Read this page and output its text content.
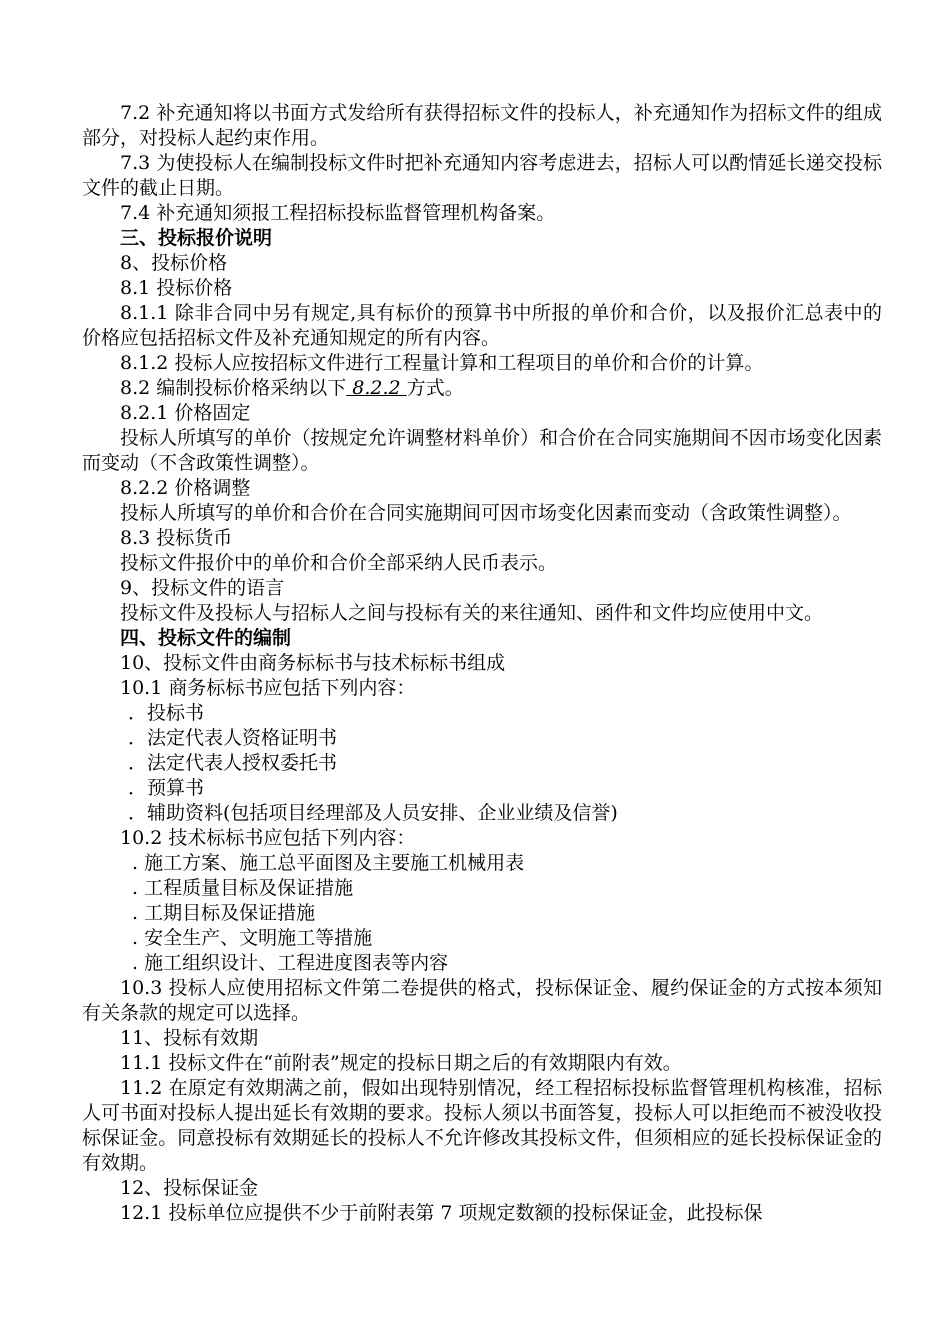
7.2 补充通知将以书面方式发给所有获得招标文件的投标人，补充通知作为招标文件的组成部分，对投标人起约束作用。

7.3 为使投标人在编制投标文件时把补充通知内容考虑进去，招标人可以酌情延长递交投标文件的截止日期。

7.4 补充通知须报工程招标投标监督管理机构备案。

三、投标报价说明

8、投标价格

8.1 投标价格

8.1.1 除非合同中另有规定,具有标价的预算书中所报的单价和合价，以及报价汇总表中的价格应包括招标文件及补充通知规定的所有内容。

8.1.2 投标人应按招标文件进行工程量计算和工程项目的单价和合价的计算。

8.2 编制投标价格采纳以下 8.2.2 方式。

8.2.1 价格固定

投标人所填写的单价（按规定允许调整材料单价）和合价在合同实施期间不因市场变化因素而变动（不含政策性调整）。

8.2.2 价格调整

投标人所填写的单价和合价在合同实施期间可因市场变化因素而变动（含政策性调整）。

8.3 投标货币

投标文件报价中的单价和合价全部采纳人民币表示。

9、投标文件的语言

投标文件及投标人与招标人之间与投标有关的来往通知、函件和文件均应使用中文。

四、投标文件的编制

10、投标文件由商务标标书与技术标标书组成

10.1 商务标标书应包括下列内容：

．投标书

．法定代表人资格证明书

．法定代表人授权委托书

．预算书

．辅助资料(包括项目经理部及人员安排、企业业绩及信誉)

10.2 技术标标书应包括下列内容：

. 施工方案、施工总平面图及主要施工机械用表

. 工程质量目标及保证措施

. 工期目标及保证措施

. 安全生产、文明施工等措施

. 施工组织设计、工程进度图表等内容

10.3 投标人应使用招标文件第二卷提供的格式，投标保证金、履约保证金的方式按本须知有关条款的规定可以选择。

11、投标有效期

11.1 投标文件在“前附表”规定的投标日期之后的有效期限内有效。

11.2 在原定有效期满之前，假如出现特别情况，经工程招标投标监督管理机构核准，招标人可书面对投标人提出延长有效期的要求。投标人须以书面答复，投标人可以拒绝而不被没收投标保证金。同意投标有效期延长的投标人不允许修改其投标文件，但须相应的延长投标保证金的有效期。

12、投标保证金

12.1 投标单位应提供不少于前附表第 7 项规定数额的投标保证金，此投标保
